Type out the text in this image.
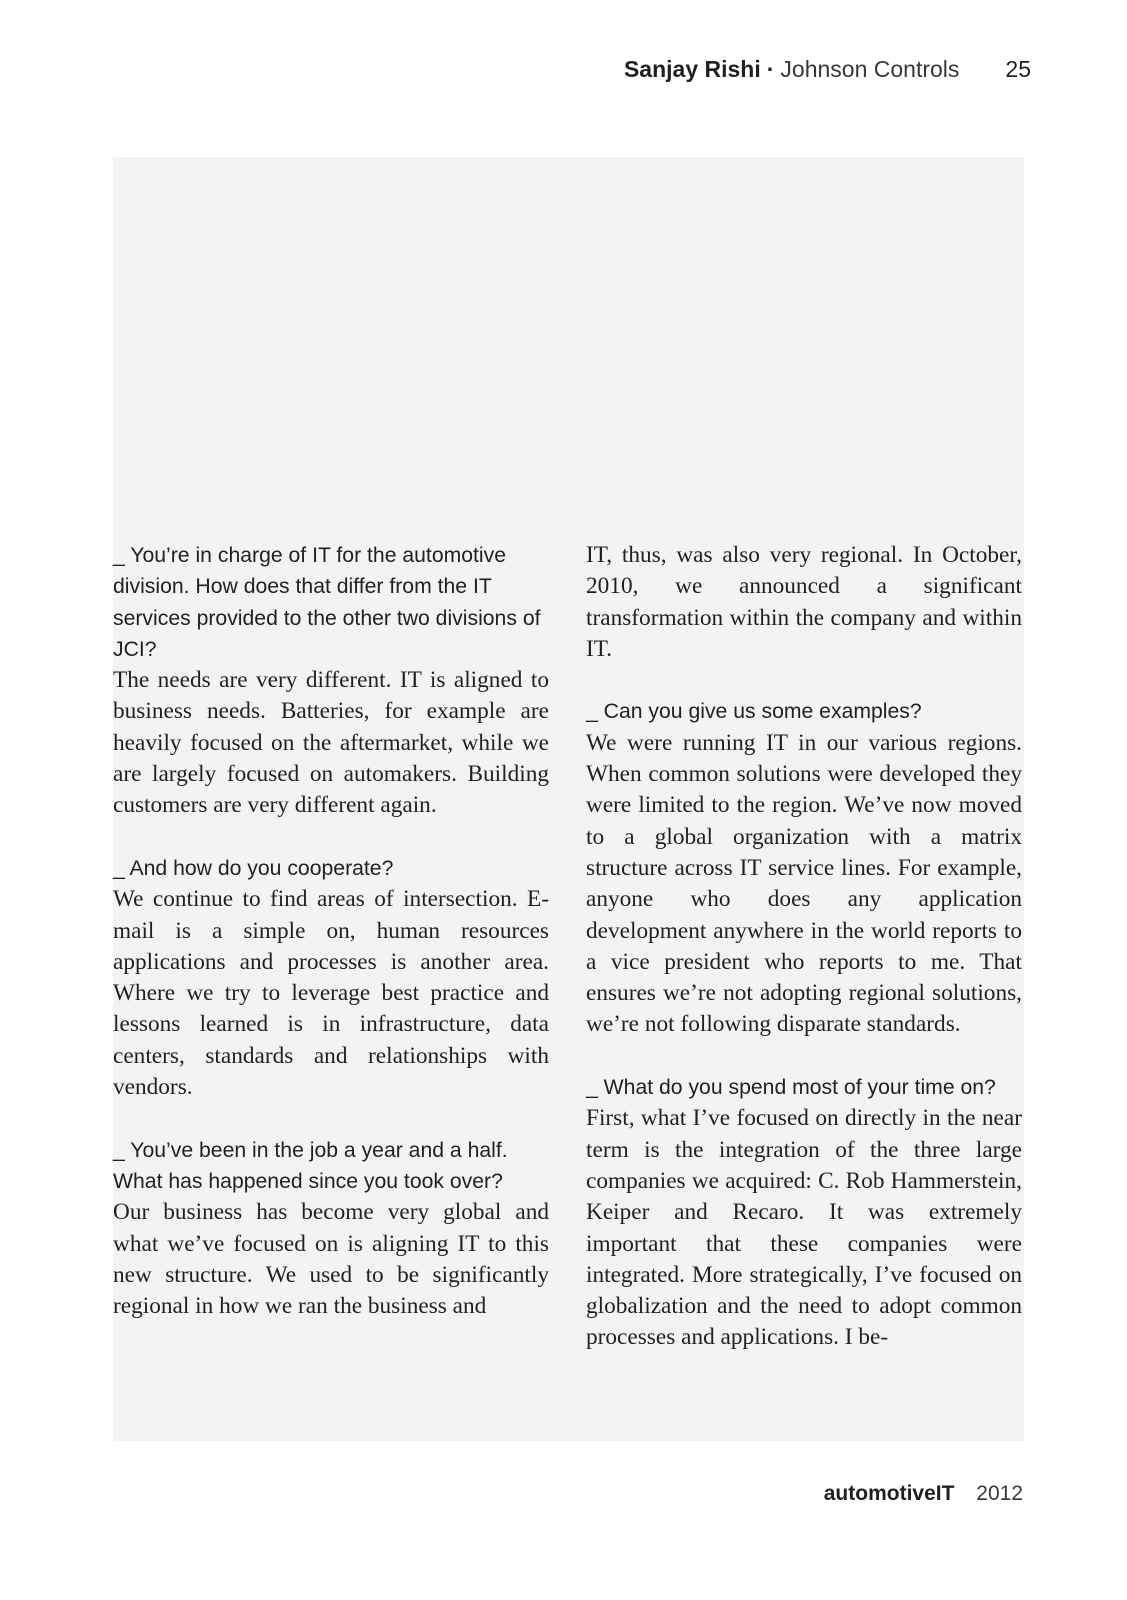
Sanjay Rishi · Johnson Controls 25

_ You’re in charge of IT for the automotive division. How does that differ from the IT services provided to the other two divisions of JCI?

The needs are very different. IT is aligned to business needs. Batteries, for example are heavily focused on the aftermarket, while we are largely focused on automakers. Building customers are very different again.

_ And how do you cooperate?

We continue to find areas of intersection. E-mail is a simple on, human resources applications and processes is another area. Where we try to leverage best practice and lessons learned is in infrastructure, data centers, standards and relationships with vendors.

_ You’ve been in the job a year and a half. What has happened since you took over?

Our business has become very global and what we’ve focused on is aligning IT to this new structure. We used to be significantly regional in how we ran the business and

IT, thus, was also very regional. In October, 2010, we announced a significant transformation within the company and within IT.

_ Can you give us some examples?

We were running IT in our various regions. When common solutions were developed they were limited to the region. We’ve now moved to a global organization with a matrix structure across IT service lines. For example, anyone who does any application development anywhere in the world reports to a vice president who reports to me. That ensures we’re not adopting regional solutions, we’re not following disparate standards.

_ What do you spend most of your time on?

First, what I’ve focused on directly in the near term is the integration of the three large companies we acquired: C. Rob Hammerstein, Keiper and Recaro. It was extremely important that these companies were integrated. More strategically, I’ve focused on globalization and the need to adopt common processes and applications. I be-

automotiveIT 2012
